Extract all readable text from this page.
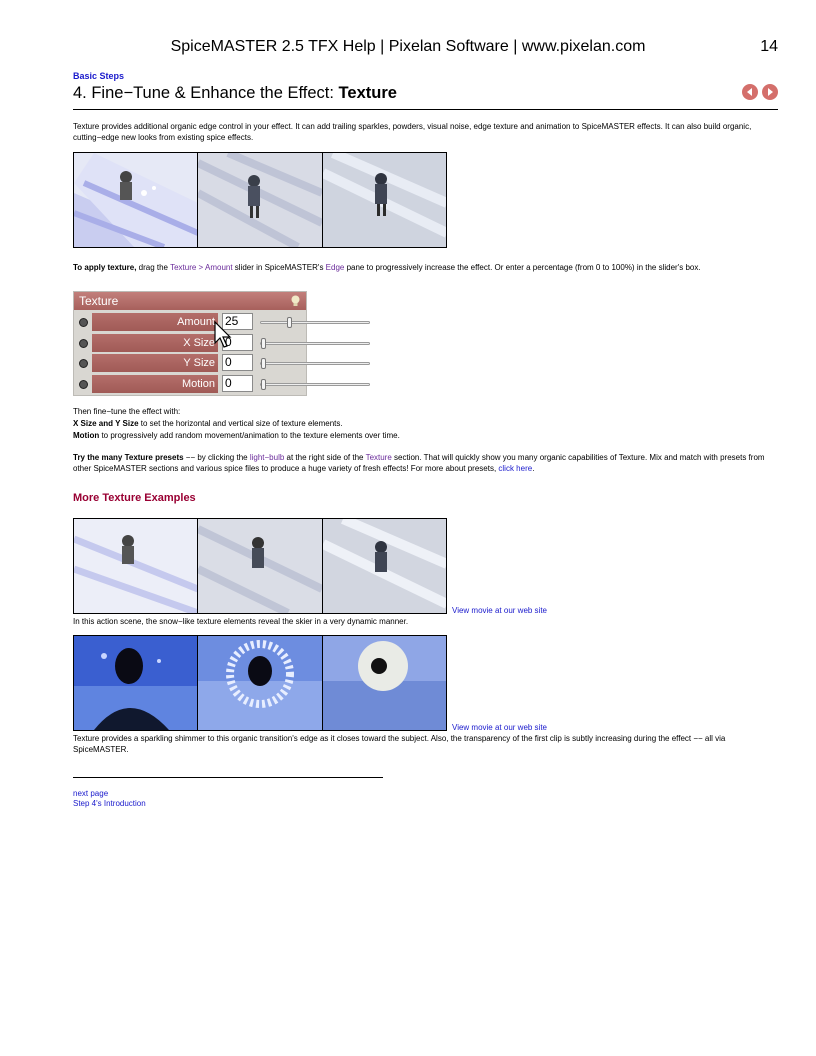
SpiceMASTER 2.5 TFX Help | Pixelan Software | www.pixelan.com	14
Basic Steps
4. Fine−Tune & Enhance the Effect: Texture
Texture provides additional organic edge control in your effect. It can add trailing sparkles, powders, visual noise, edge texture and animation to SpiceMASTER effects. It can also build organic, cutting−edge new looks from existing spice effects.
To apply texture, drag the Texture > Amount slider in SpiceMASTER's Edge pane to progressively increase the effect. Or enter a percentage (from 0 to 100%) in the slider's box.
Texture
Amount 25
X Size 0
Y Size 0
Motion 0
Then fine−tune the effect with:
X Size and Y Size to set the horizontal and vertical size of texture elements.
Motion to progressively add random movement/animation to the texture elements over time.
Try the many Texture presets −− by clicking the light−bulb at the right side of the Texture section. That will quickly show you many organic capabilities of Texture. Mix and match with presets from other SpiceMASTER sections and various spice files to produce a huge variety of fresh effects! For more about presets, click here.
More Texture Examples
View movie at our web site
In this action scene, the snow−like texture elements reveal the skier in a very dynamic manner.
View movie at our web site
Texture provides a sparkling shimmer to this organic transition's edge as it closes toward the subject. Also, the transparency of the first clip is subtly increasing during the effect −− all via SpiceMASTER.
next page
Step 4's Introduction
